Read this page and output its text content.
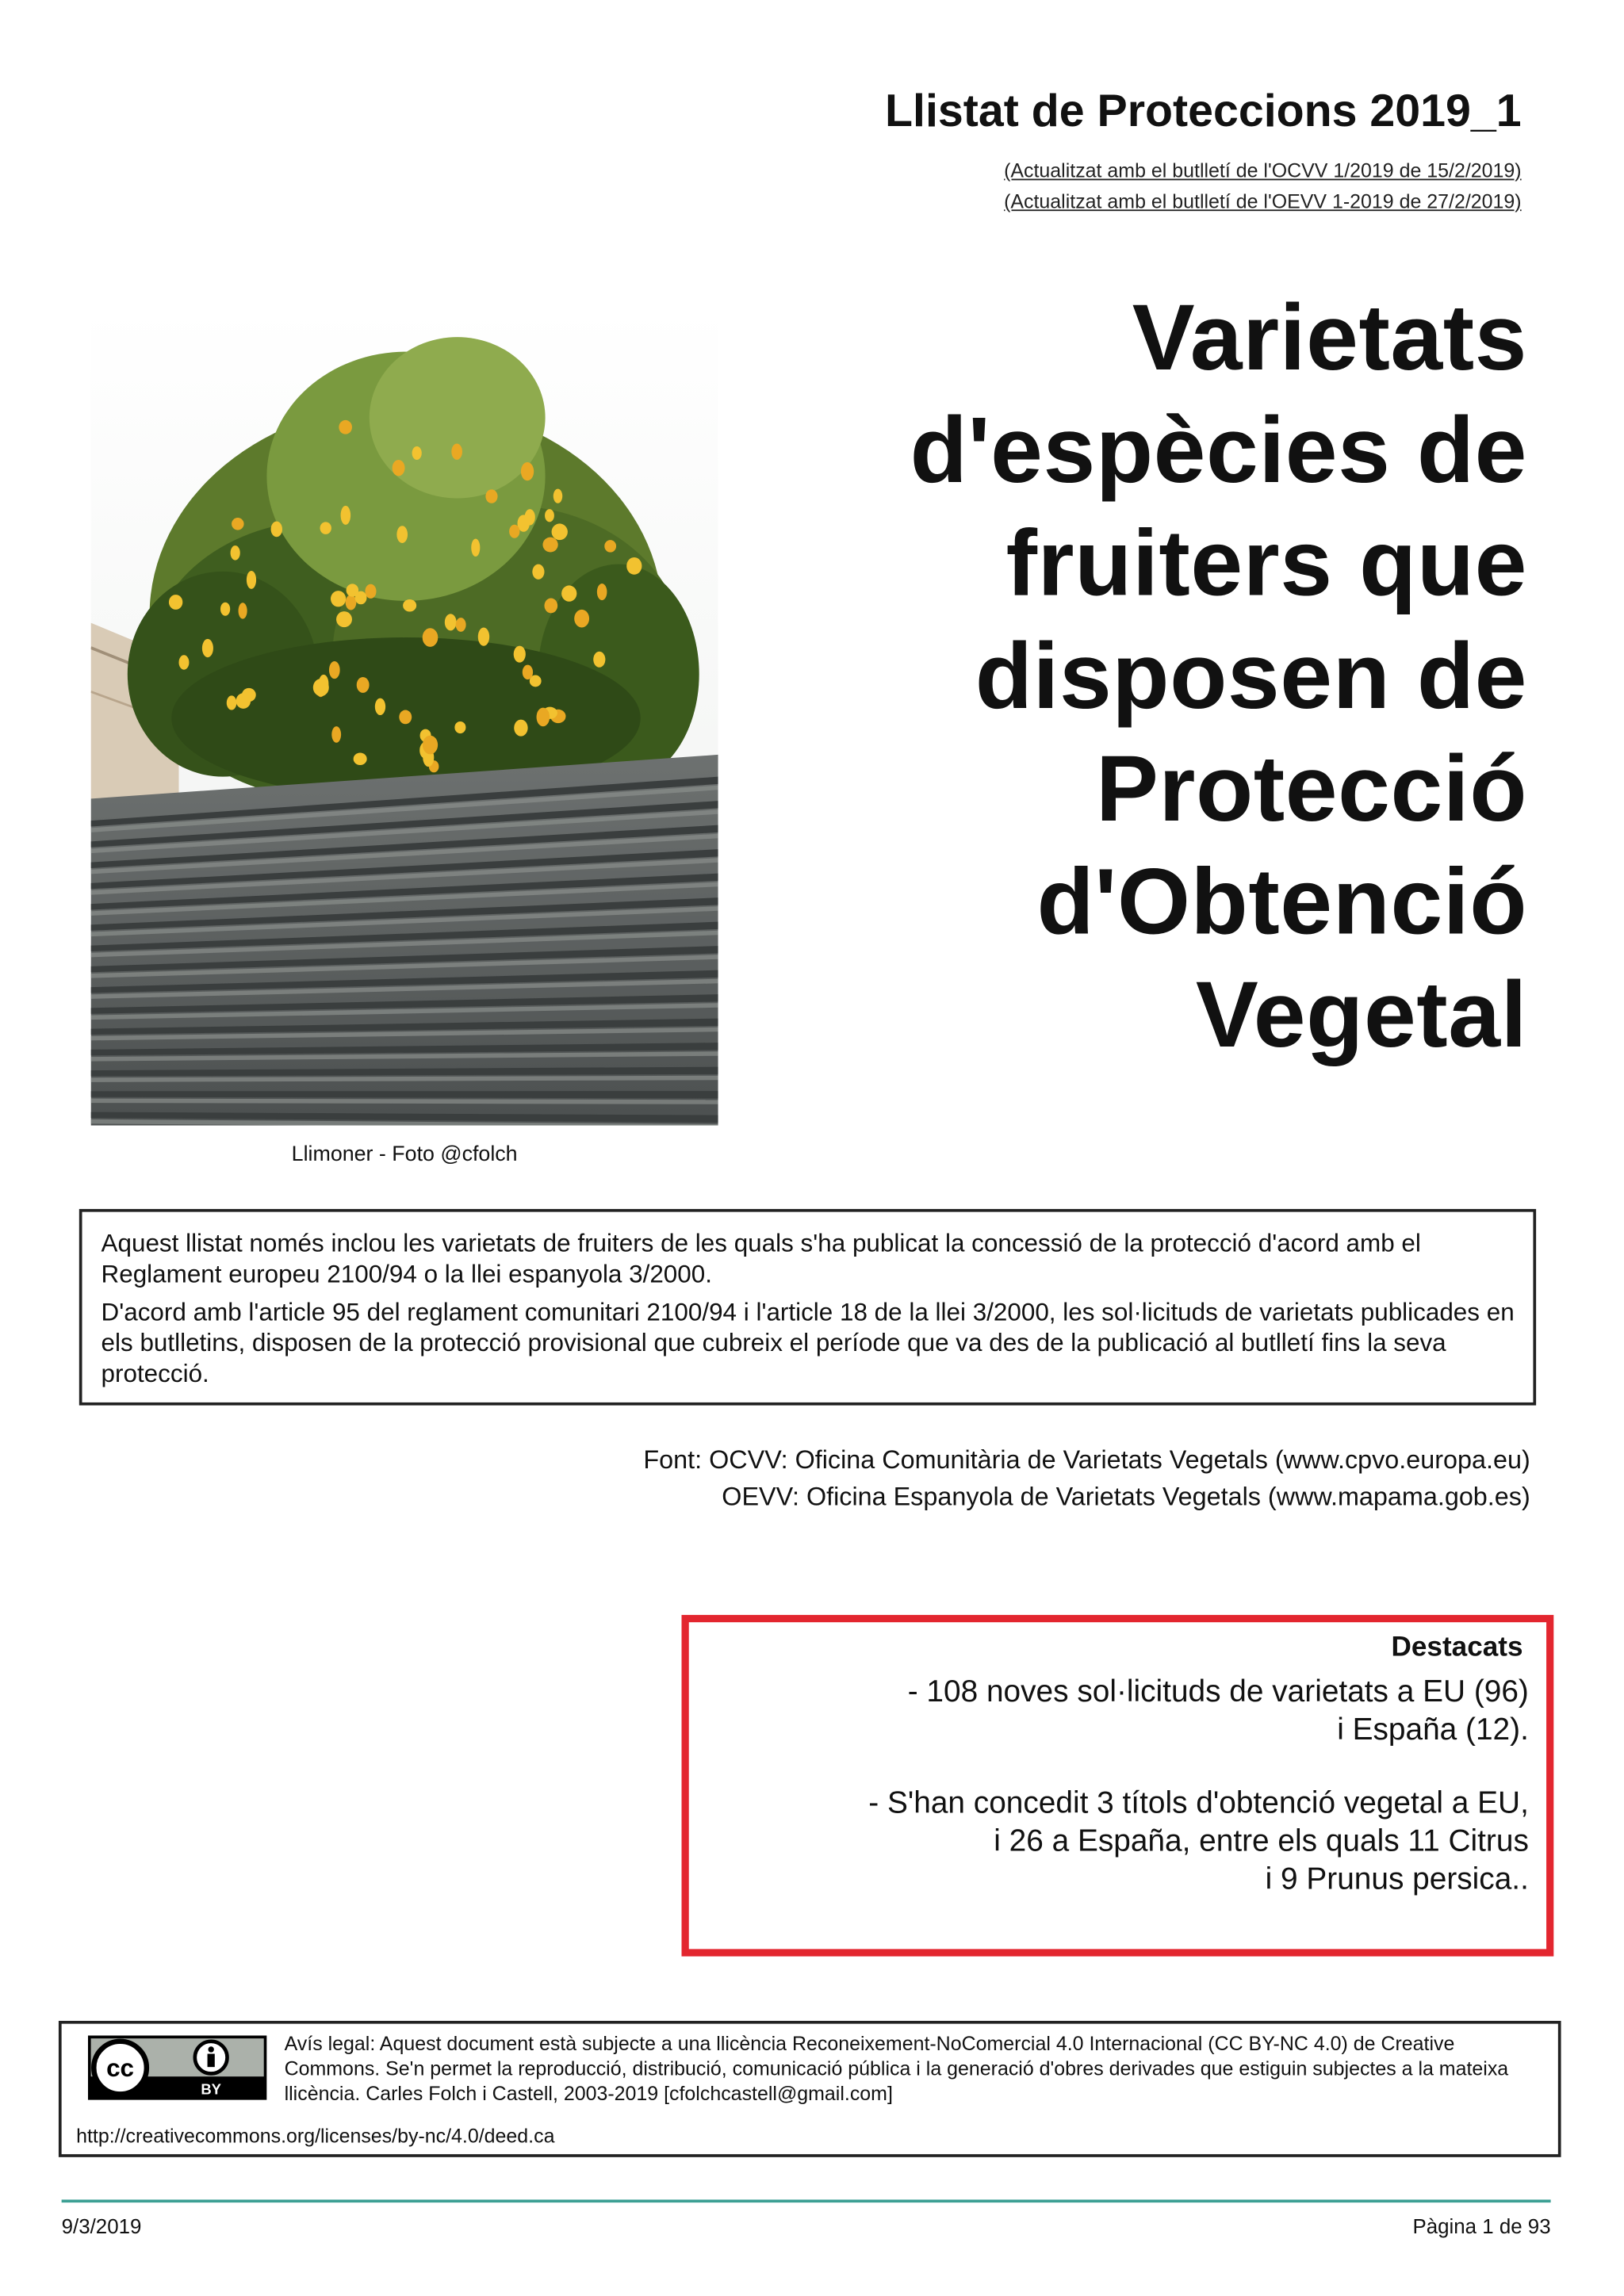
Llistat de Proteccions 2019_1
(Actualitzat amb el butlletí de l'OCVV 1/2019 de 15/2/2019)
(Actualitzat amb el butlletí de l'OEVV 1-2019 de 27/2/2019)
Varietats
d'espècies de
fruiters que
disposen de
Protecció
d'Obtenció
Vegetal
Llimoner - Foto @cfolch

Aquest llistat només inclou les varietats de fruiters de les quals s'ha publicat la concessió de la protecció d'acord amb el Reglament europeu 2100/94 o la llei espanyola 3/2000.

D'acord amb l'article 95 del reglament comunitari 2100/94 i l'article 18 de la llei 3/2000, les sol·licituds de varietats publicades en els butlletins, disposen de la protecció provisional que cubreix el període que va des de la publicació al butlletí fins la seva protecció.

Font: OCVV: Oficina Comunitària de Varietats Vegetals (www.cpvo.europa.eu)
OEVV: Oficina Espanyola de Varietats Vegetals (www.mapama.gob.es)
Destacats
- 108 noves sol·licituds de varietats a EU (96)
i España (12).
- S'han concedit 3 títols d'obtenció vegetal a EU,
i 26 a España, entre els quals 11 Citrus
i 9 Prunus persica..
cc
BY
Avís legal: Aquest document està subjecte a una llicència Reconeixement-NoComercial 4.0 Internacional (CC BY-NC 4.0) de Creative Commons. Se'n permet la reproducció, distribució, comunicació pública i la generació d'obres derivades que estiguin subjectes a la mateixa llicència. Carles Folch i Castell, 2003-2019 [cfolchcastell@gmail.com]
http://creativecommons.org/licenses/by-nc/4.0/deed.ca
9/3/2019	Pàgina 1 de 93
